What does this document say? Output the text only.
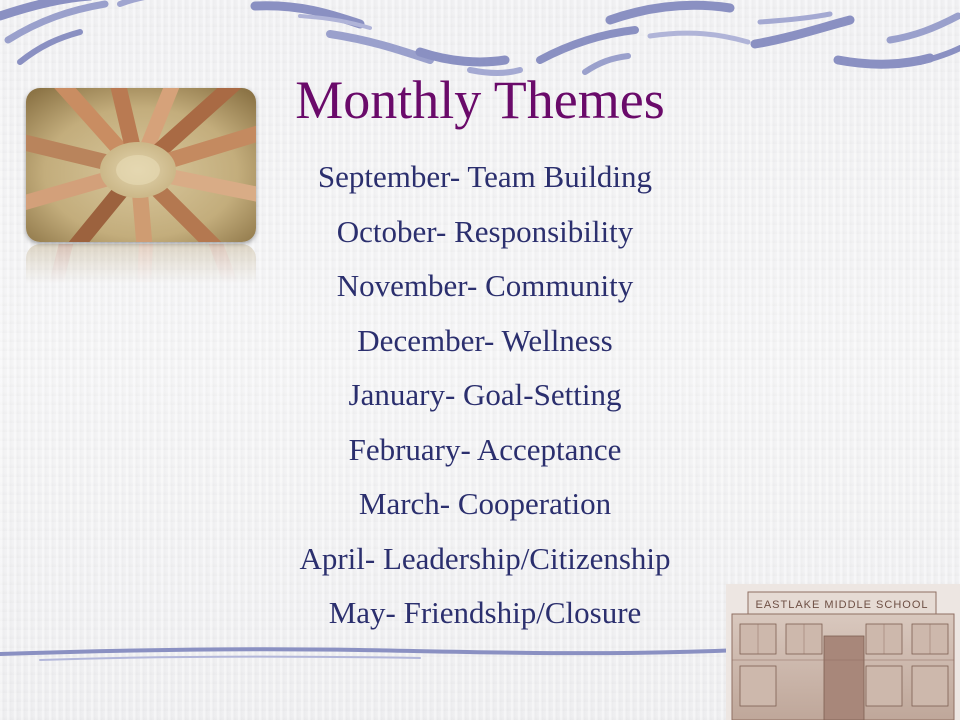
Monthly Themes
September- Team Building
October- Responsibility
November- Community
December- Wellness
January- Goal-Setting
February- Acceptance
March- Cooperation
April- Leadership/Citizenship
May- Friendship/Closure	EASTLAKE MIDDLE SCHOOL
